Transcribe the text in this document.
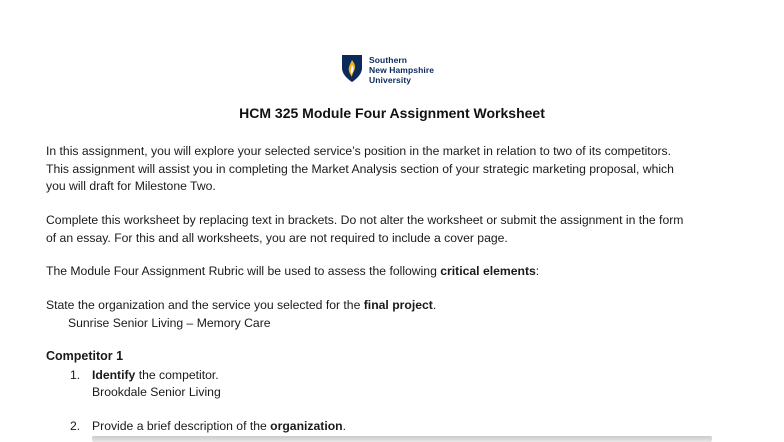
Southern
New Hampshire
University
HCM 325 Module Four Assignment Worksheet
In this assignment, you will explore your selected service’s position in the market in relation to two of its competitors.
This assignment will assist you in completing the Market Analysis section of your strategic marketing proposal, which
you will draft for Milestone Two.
Complete this worksheet by replacing text in brackets. Do not alter the worksheet or submit the assignment in the form
of an essay. For this and all worksheets, you are not required to include a cover page.
The Module Four Assignment Rubric will be used to assess the following critical elements:
State the organization and the service you selected for the final project.
Sunrise Senior Living – Memory Care
Competitor 1
1. Identify the competitor.
Brookdale Senior Living
2. Provide a brief description of the organization.
